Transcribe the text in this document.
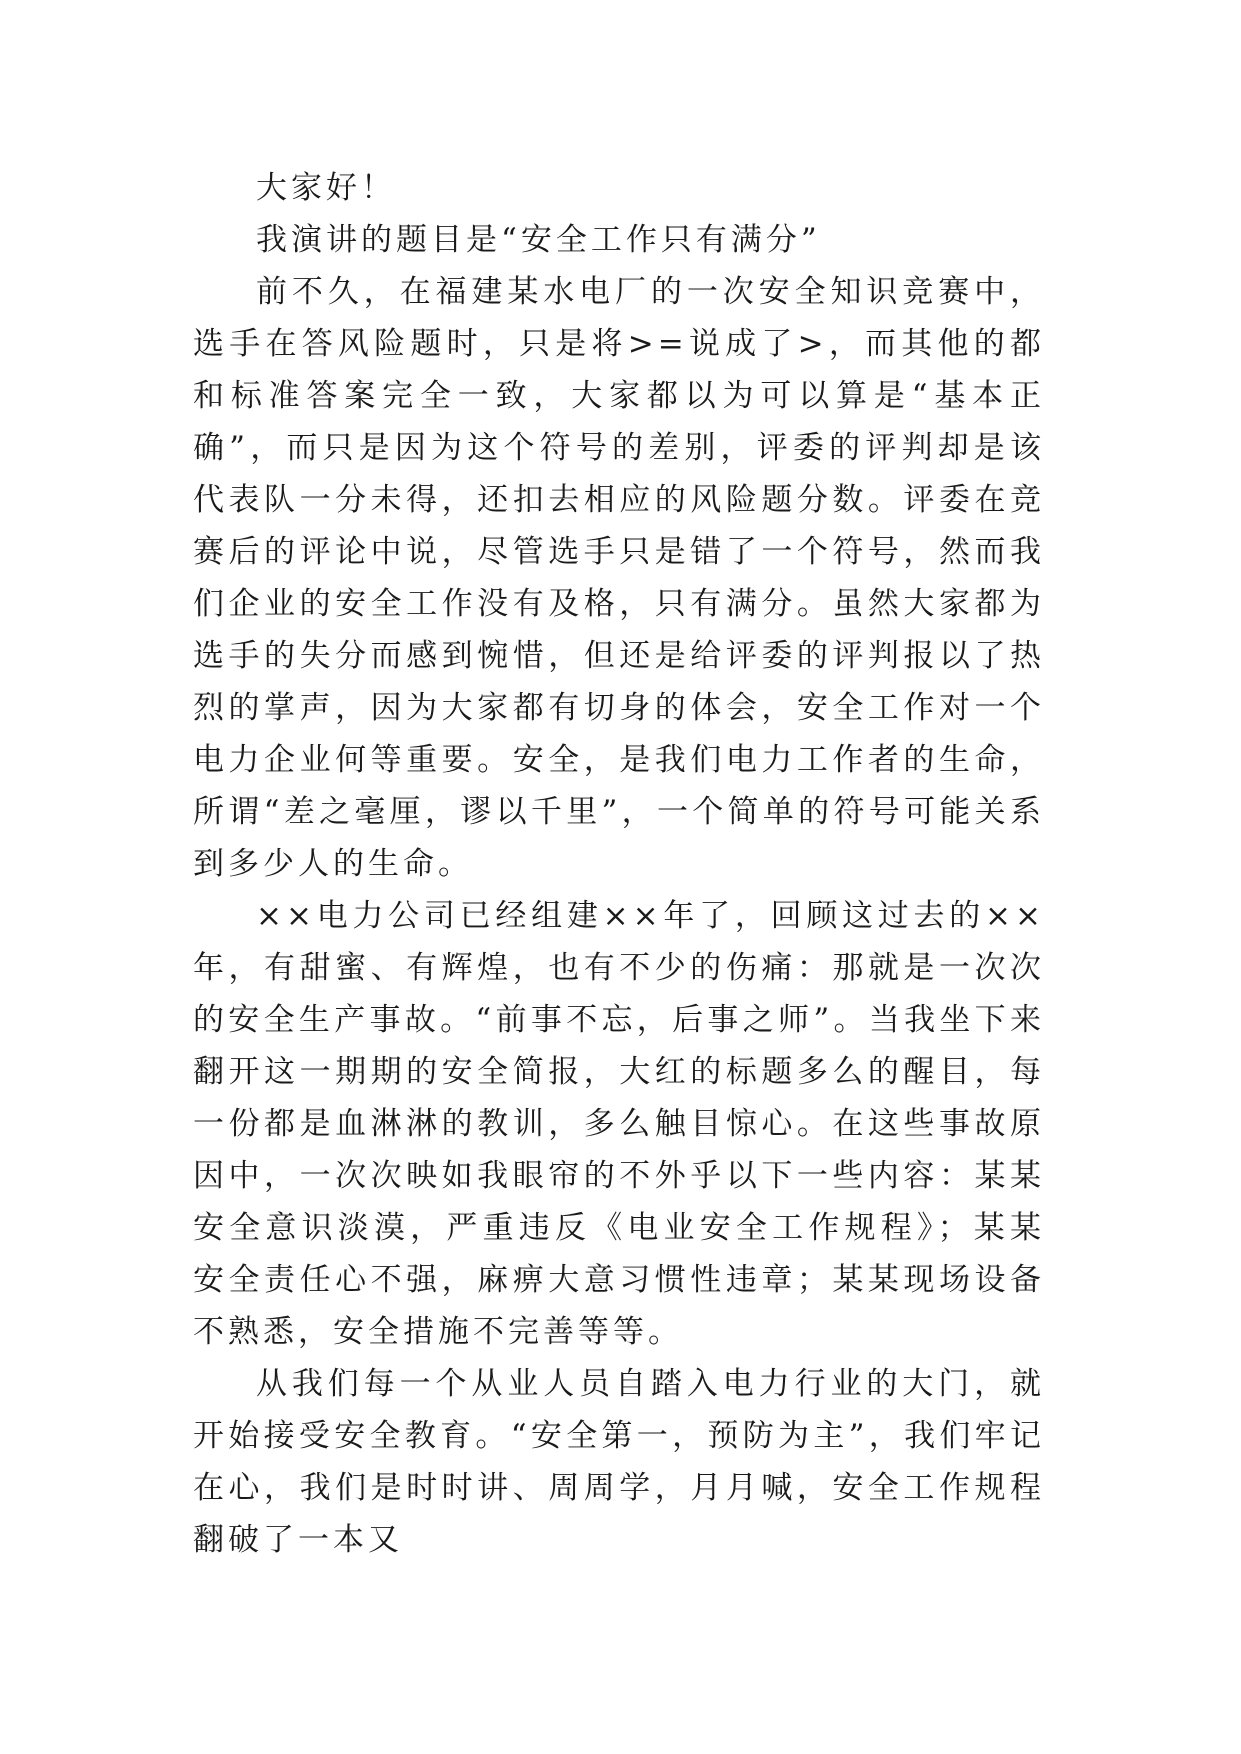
大家好！

我演讲的题目是“安全工作只有满分”

前不久，在福建某水电厂的一次安全知识竞赛中，选手在答风险题时，只是将>=说成了>，而其他的都和标准答案完全一致，大家都以为可以算是“基本正确”，而只是因为这个符号的差别，评委的评判却是该代表队一分未得，还扣去相应的风险题分数。评委在竞赛后的评论中说，尽管选手只是错了一个符号，然而我们企业的安全工作没有及格，只有满分。虽然大家都为选手的失分而感到惋惜，但还是给评委的评判报以了热烈的掌声，因为大家都有切身的体会，安全工作对一个电力企业何等重要。安全，是我们电力工作者的生命，所谓“差之毫厘，谬以千里”，一个简单的符号可能关系到多少人的生命。

××电力公司已经组建××年了，回顾这过去的××年，有甜蜜、有辉煌，也有不少的伤痛：那就是一次次的安全生产事故。“前事不忘，后事之师”。当我坐下来翻开这一期期的安全简报，大红的标题多么的醒目，每一份都是血淋淋的教训，多么触目惊心。在这些事故原因中，一次次映如我眼帘的不外乎以下一些内容：某某安全意识淡漠，严重违反《电业安全工作规程》；某某安全责任心不强，麻痹大意习惯性违章；某某现场设备不熟悉，安全措施不完善等等。

从我们每一个从业人员自踏入电力行业的大门，就开始接受安全教育。“安全第一，预防为主”，我们牢记在心，我们是时时讲、周周学，月月喊，安全工作规程翻破了一本又
